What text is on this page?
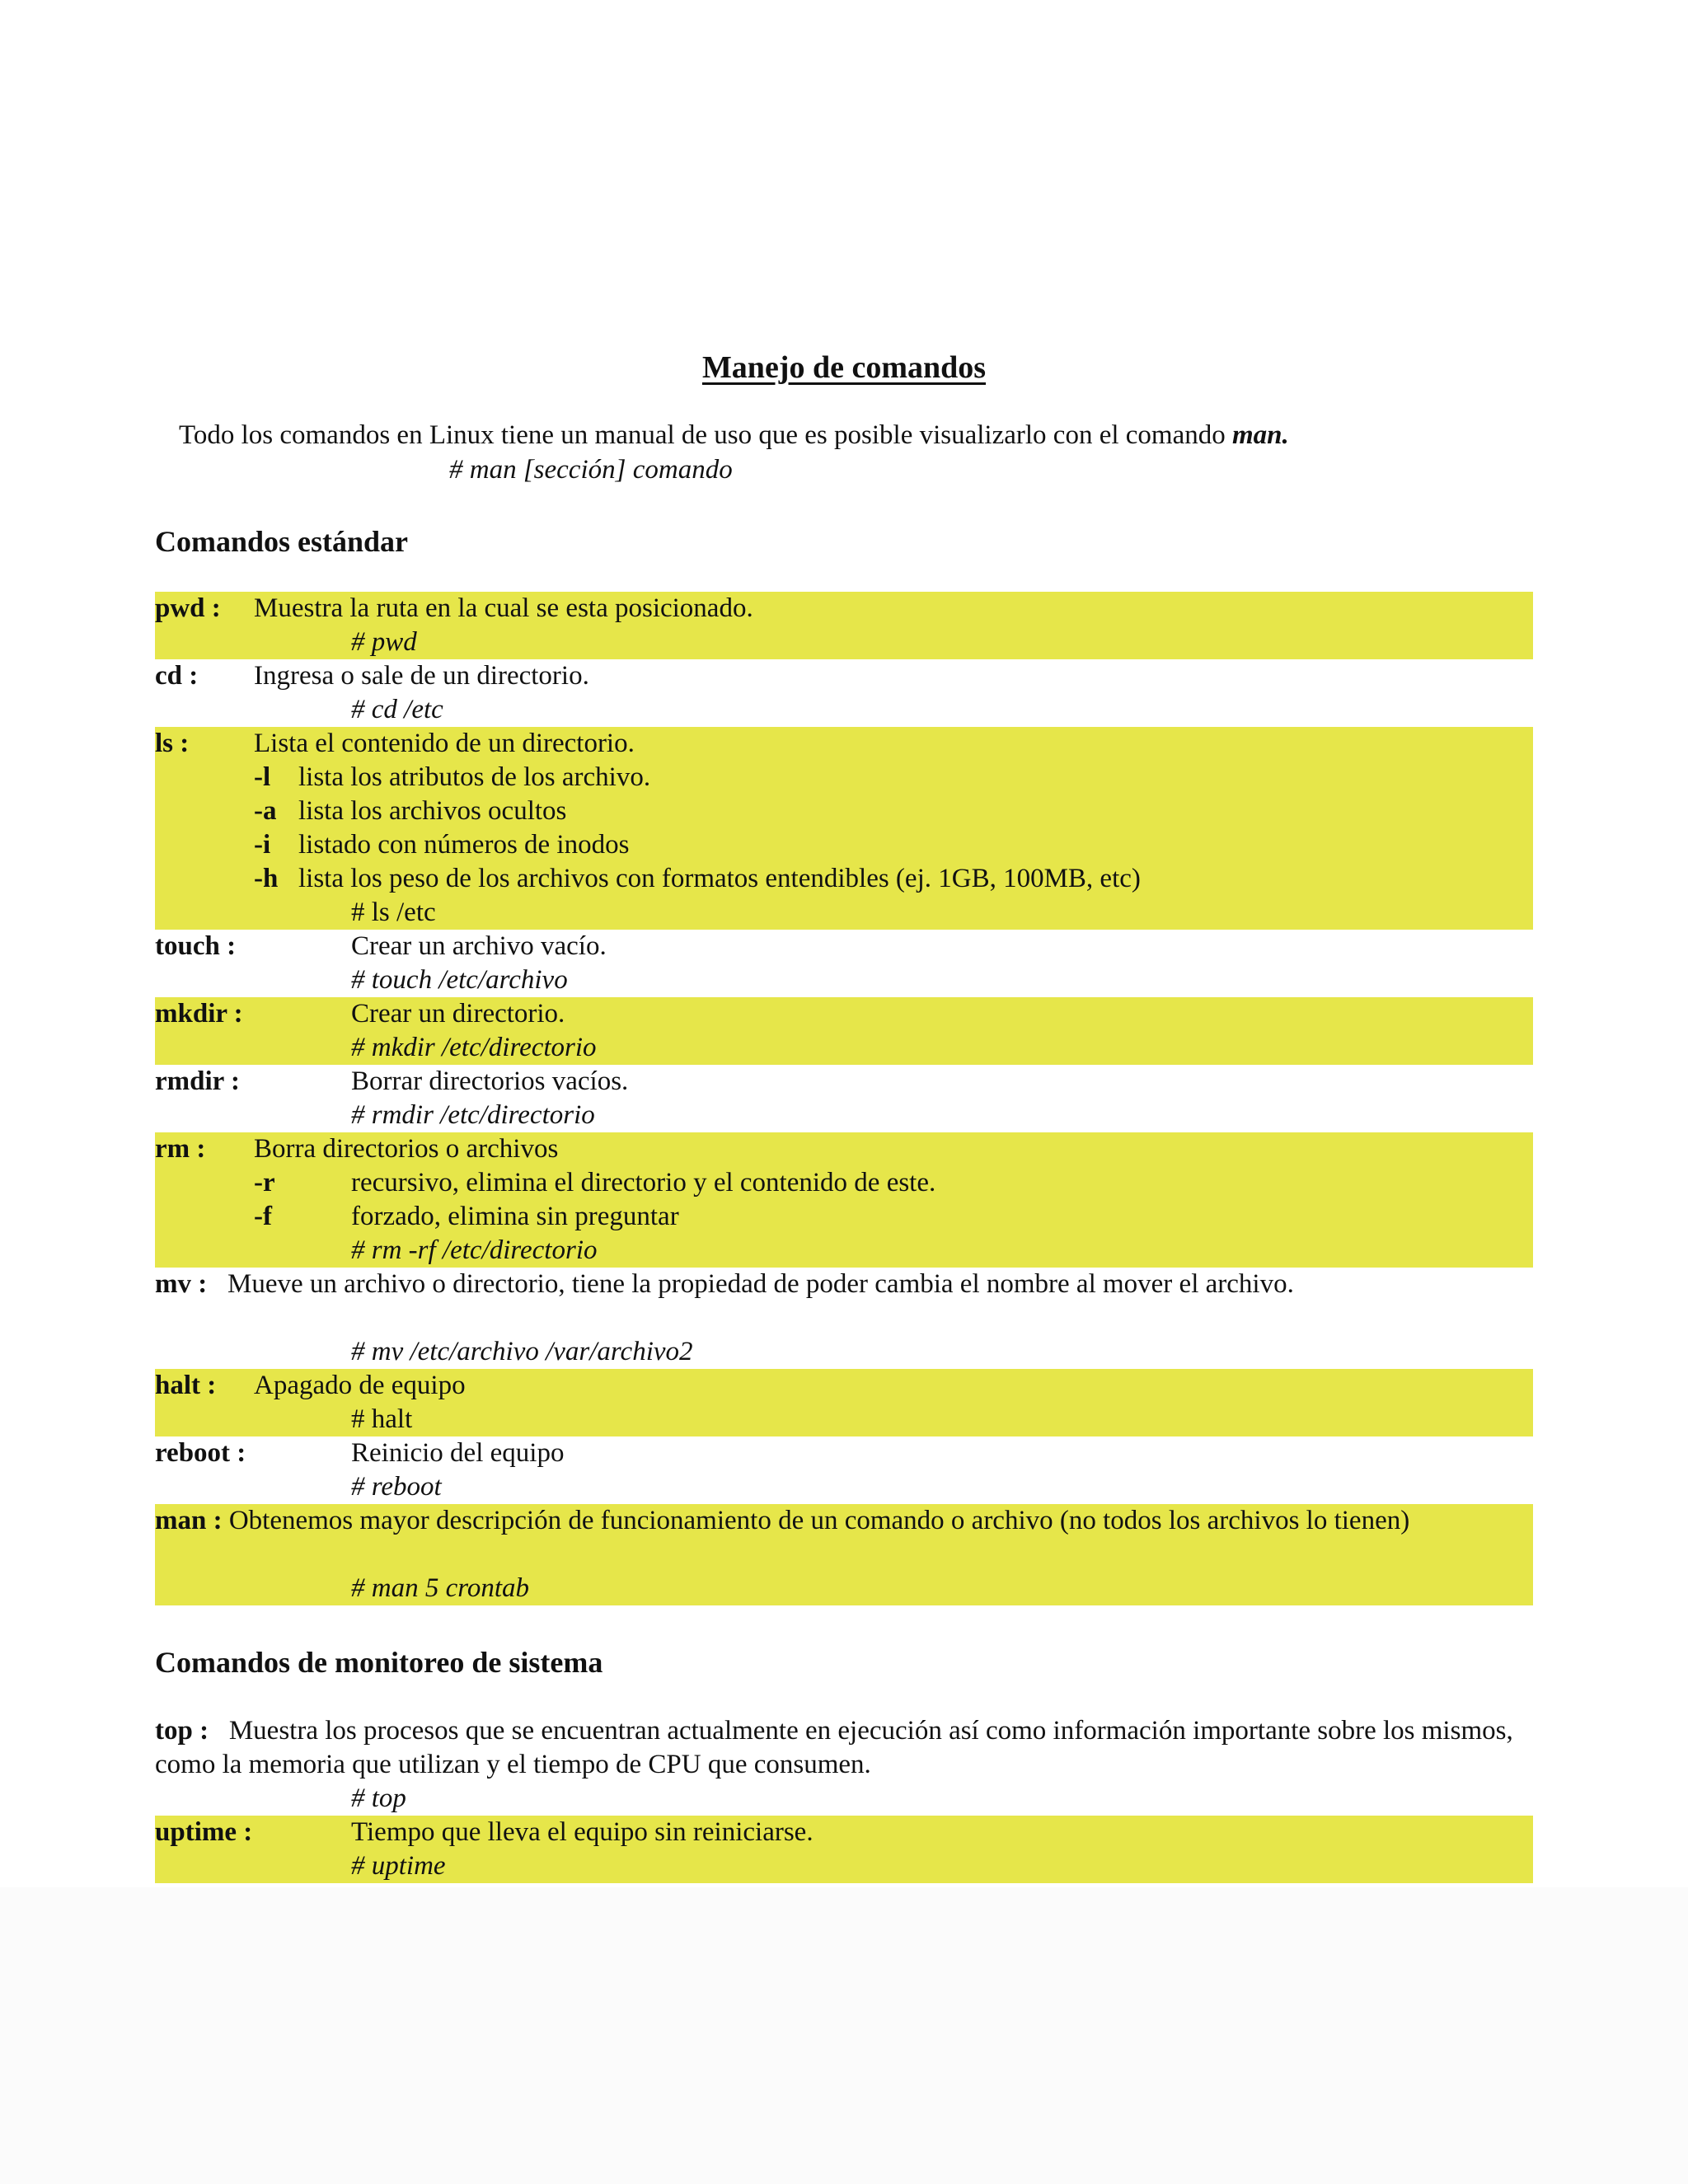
Manejo de comandos
Todo los comandos en Linux tiene un manual de uso que es posible visualizarlo con el comando man.
# man [sección] comando
Comandos estándar
pwd : Muestra la ruta en la cual se esta posicionado.
# pwd
cd : Ingresa o sale de un directorio.
# cd /etc
ls : Lista el contenido de un directorio.
-l lista los atributos de los archivo.
-a lista los archivos ocultos
-i listado con números de inodos
-h lista los peso de los archivos con formatos entendibles (ej. 1GB, 100MB, etc)
# ls /etc
touch :	Crear un archivo vacío.
# touch /etc/archivo
mkdir :	Crear un directorio.
# mkdir /etc/directorio
rmdir :	Borrar directorios vacíos.
# rmdir /etc/directorio
rm : Borra directorios o archivos
-r	recursivo, elimina el directorio y el contenido de este.
-f	forzado, elimina sin preguntar
# rm -rf /etc/directorio
mv : Mueve un archivo o directorio, tiene la propiedad de poder cambia el nombre al mover el archivo.
# mv /etc/archivo /var/archivo2
halt : Apagado de equipo
# halt
reboot :	Reinicio del equipo
# reboot
man : Obtenemos mayor descripción de funcionamiento de un comando o archivo (no todos los archivos lo tienen)
# man 5 crontab
Comandos de monitoreo de sistema
top : Muestra los procesos que se encuentran actualmente en ejecución así como información importante sobre los mismos, como la memoria que utilizan y el tiempo de CPU que consumen.
# top
uptime :	Tiempo que lleva el equipo sin reiniciarse.
# uptime
